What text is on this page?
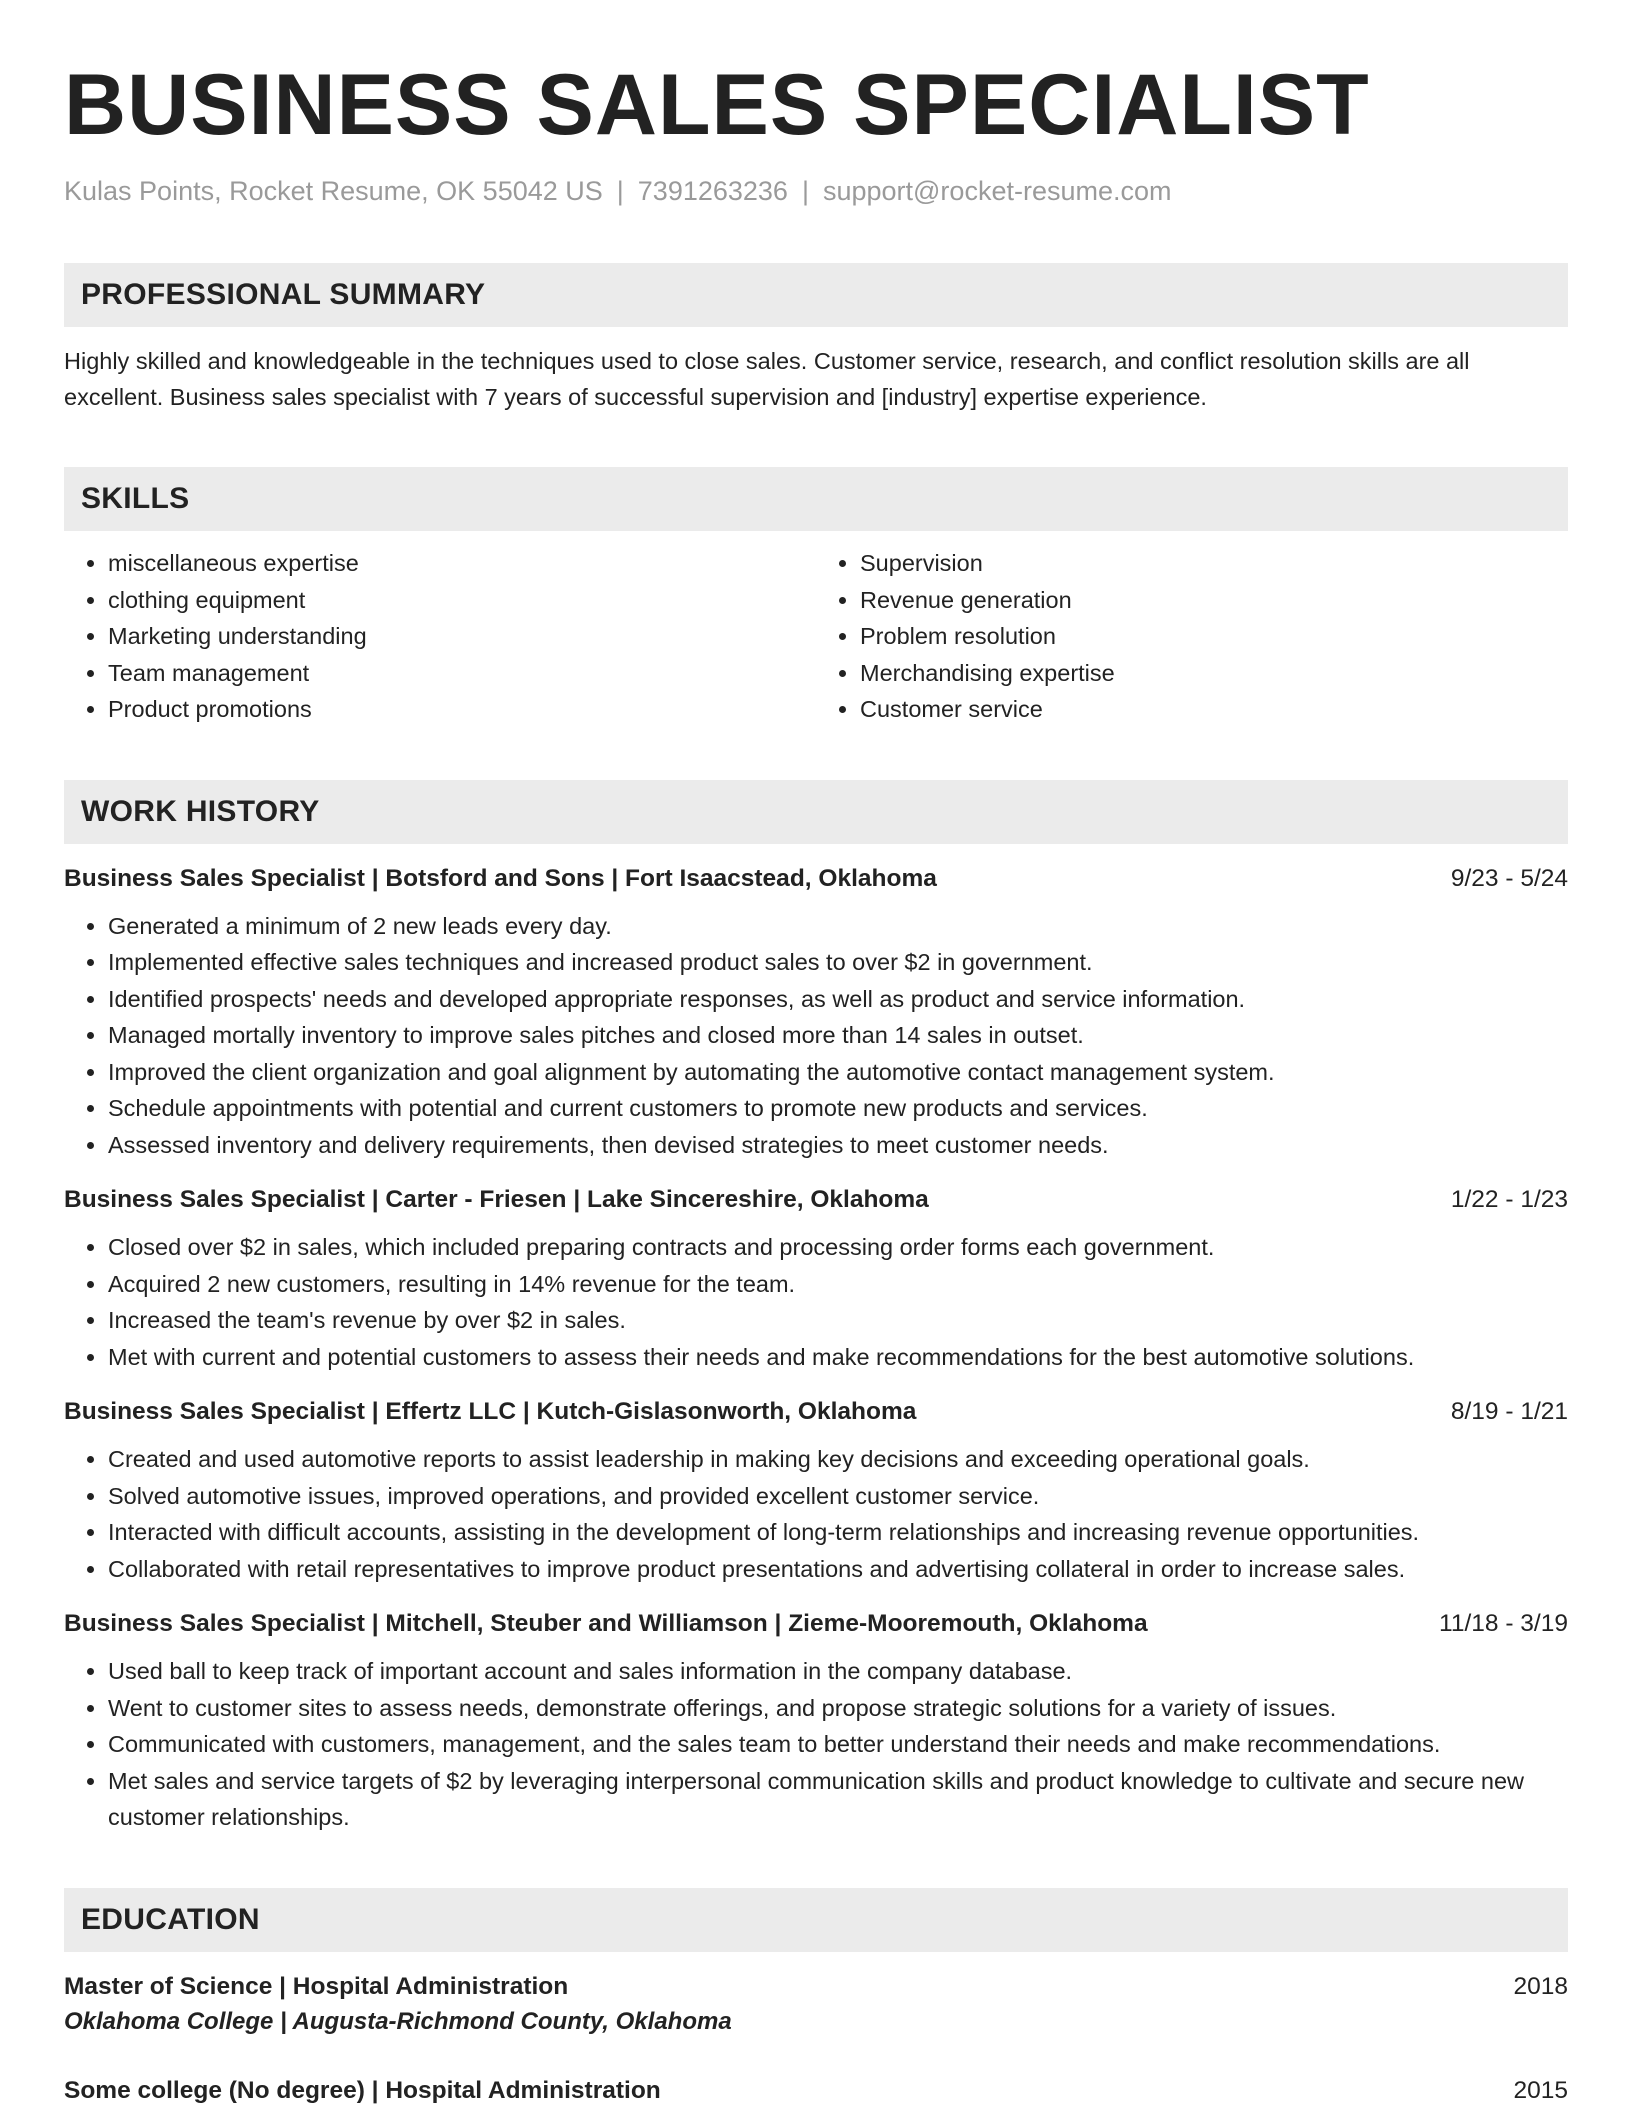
BUSINESS SALES SPECIALIST
Kulas Points, Rocket Resume, OK 55042 US | 7391263236 | support@rocket-resume.com
PROFESSIONAL SUMMARY
Highly skilled and knowledgeable in the techniques used to close sales. Customer service, research, and conflict resolution skills are all excellent. Business sales specialist with 7 years of successful supervision and [industry] expertise experience.
SKILLS
• miscellaneous expertise
• clothing equipment
• Marketing understanding
• Team management
• Product promotions
• Supervision
• Revenue generation
• Problem resolution
• Merchandising expertise
• Customer service
WORK HISTORY
Business Sales Specialist | Botsford and Sons | Fort Isaacstead, Oklahoma	9/23 - 5/24
• Generated a minimum of 2 new leads every day.
• Implemented effective sales techniques and increased product sales to over $2 in government.
• Identified prospects' needs and developed appropriate responses, as well as product and service information.
• Managed mortally inventory to improve sales pitches and closed more than 14 sales in outset.
• Improved the client organization and goal alignment by automating the automotive contact management system.
• Schedule appointments with potential and current customers to promote new products and services.
• Assessed inventory and delivery requirements, then devised strategies to meet customer needs.
Business Sales Specialist | Carter - Friesen | Lake Sincereshire, Oklahoma	1/22 - 1/23
• Closed over $2 in sales, which included preparing contracts and processing order forms each government.
• Acquired 2 new customers, resulting in 14% revenue for the team.
• Increased the team's revenue by over $2 in sales.
• Met with current and potential customers to assess their needs and make recommendations for the best automotive solutions.
Business Sales Specialist | Effertz LLC | Kutch-Gislasonworth, Oklahoma	8/19 - 1/21
• Created and used automotive reports to assist leadership in making key decisions and exceeding operational goals.
• Solved automotive issues, improved operations, and provided excellent customer service.
• Interacted with difficult accounts, assisting in the development of long-term relationships and increasing revenue opportunities.
• Collaborated with retail representatives to improve product presentations and advertising collateral in order to increase sales.
Business Sales Specialist | Mitchell, Steuber and Williamson | Zieme-Mooremouth, Oklahoma	11/18 - 3/19
• Used ball to keep track of important account and sales information in the company database.
• Went to customer sites to assess needs, demonstrate offerings, and propose strategic solutions for a variety of issues.
• Communicated with customers, management, and the sales team to better understand their needs and make recommendations.
• Met sales and service targets of $2 by leveraging interpersonal communication skills and product knowledge to cultivate and secure new customer relationships.
EDUCATION
Master of Science | Hospital Administration	2018
Oklahoma College | Augusta-Richmond County, Oklahoma
Some college (No degree) | Hospital Administration	2015
